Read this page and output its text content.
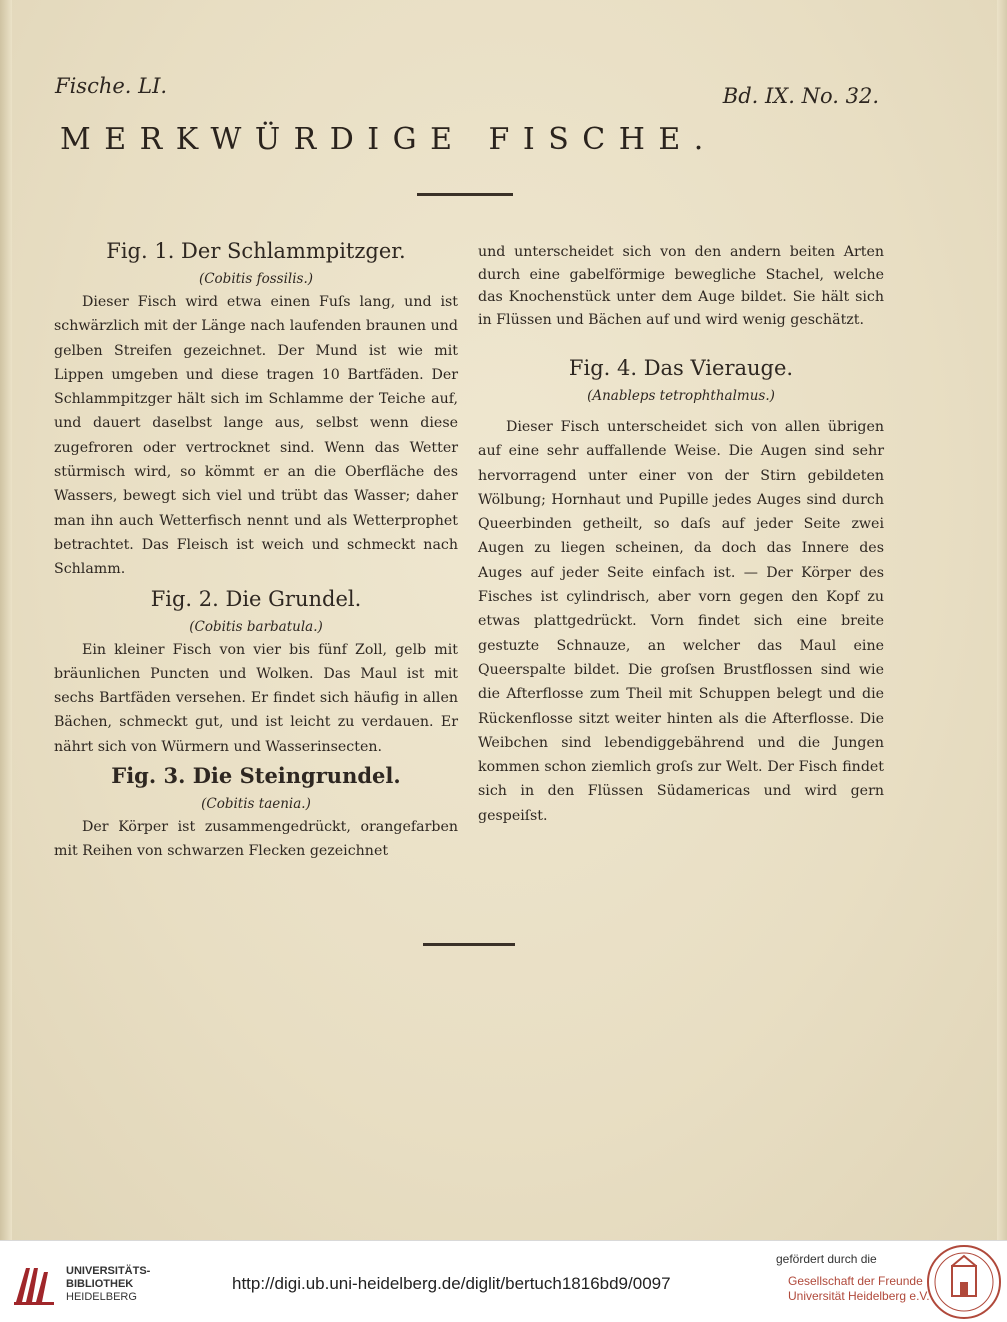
Fische. LI.	Bd. IX. No. 32.
MERKWÜRDIGE FISCHE.

Fig. 1. Der Schlammpitzger.

(Cobitis fossilis.)

Dieser Fisch wird etwa einen Fuſs lang, und ist schwärzlich mit der Länge nach laufenden braunen und gelben Streifen gezeichnet. Der Mund ist wie mit Lippen umgeben und diese tragen 10 Bartfäden. Der Schlammpitzger hält sich im Schlamme der Teiche auf, und dauert daselbst lange aus, selbst wenn diese zugefroren oder vertrocknet sind. Wenn das Wetter stürmisch wird, so kömmt er an die Oberfläche des Wassers, bewegt sich viel und trübt das Wasser; daher man ihn auch Wetterfisch nennt und als Wetterprophet betrachtet. Das Fleisch ist weich und schmeckt nach Schlamm.

Fig. 2. Die Grundel.

(Cobitis barbatula.)

Ein kleiner Fisch von vier bis fünf Zoll, gelb mit bräunlichen Puncten und Wolken. Das Maul ist mit sechs Bartfäden versehen. Er findet sich häufig in allen Bächen, schmeckt gut, und ist leicht zu verdauen. Er nährt sich von Würmern und Wasserinsecten.

Fig. 3. Die Steingrundel.

(Cobitis taenia.)

Der Körper ist zusammengedrückt, orangefarben mit Reihen von schwarzen Flecken gezeichnet

und unterscheidet sich von den andern beiten Arten durch eine gabelförmige bewegliche Stachel, welche das Knochenstück unter dem Auge bildet. Sie hält sich in Flüssen und Bächen auf und wird wenig geschätzt.

Fig. 4. Das Vierauge.

(Anableps tetrophthalmus.)

Dieser Fisch unterscheidet sich von allen übrigen auf eine sehr auffallende Weise. Die Augen sind sehr hervorragend unter einer von der Stirn gebildeten Wölbung; Hornhaut und Pupille jedes Auges sind durch Queerbinden getheilt, so daſs auf jeder Seite zwei Augen zu liegen scheinen, da doch das Innere des Auges auf jeder Seite einfach ist. — Der Körper des Fisches ist cylindrisch, aber vorn gegen den Kopf zu etwas plattgedrückt. Vorn findet sich eine breite gestuzte Schnauze, an welcher das Maul eine Queerspalte bildet. Die groſsen Brustflossen sind wie die Afterflosse zum Theil mit Schuppen belegt und die Rückenflosse sitzt weiter hinten als die Afterflosse. Die Weibchen sind lebendiggebährend und die Jungen kommen schon ziemlich groſs zur Welt. Der Fisch findet sich in den Flüssen Südamericas und wird gern gespeiſst.

UNIVERSITÄTS-
BIBLIOTHEK
HEIDELBERG
http://digi.ub.uni-heidelberg.de/diglit/bertuch1816bd9/0097
gefördert durch die
Gesellschaft der Freunde
Universität Heidelberg e.V.
